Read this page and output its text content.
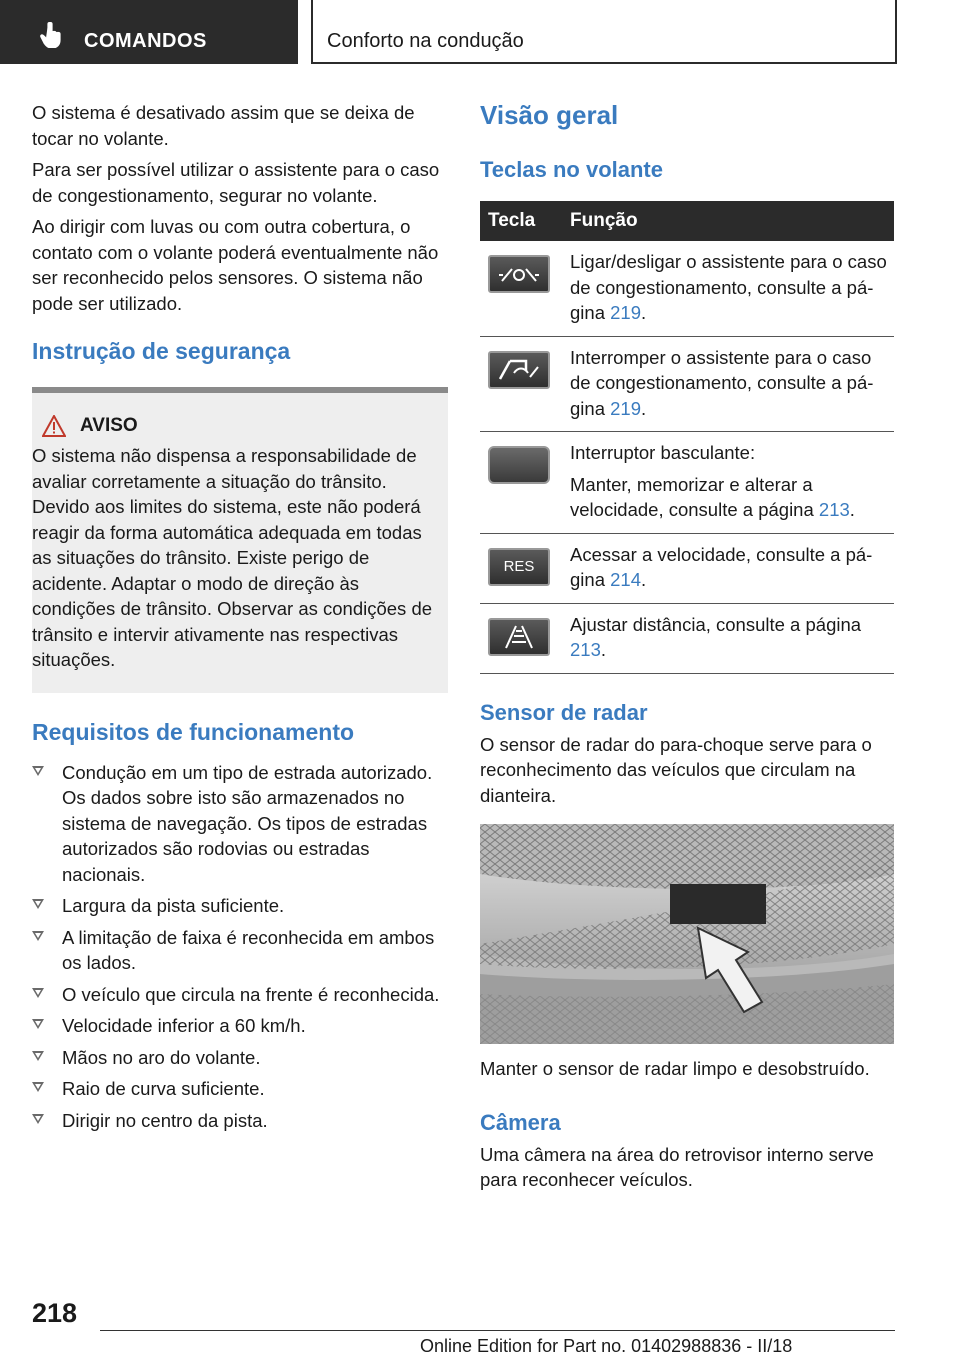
COMANDOS	Conforto na condução

O sistema é desativado assim que se deixa de tocar no volante.

Para ser possível utilizar o assistente para o caso de congestionamento, segurar no volante.

Ao dirigir com luvas ou com outra cobertura, o contato com o volante poderá eventualmente não ser reconhecido pelos sensores. O sistema não pode ser utilizado.

Instrução de segurança
AVISO

O sistema não dispensa a responsabilidade de avaliar corretamente a situação do trânsito. Devido aos limites do sistema, este não poderá reagir da forma automática adequada em todas as situações do trânsito. Existe perigo de acidente. Adaptar o modo de direção às condições de trânsito. Observar as condições de trânsito e intervir ativamente nas respectivas situações.

Requisitos de funcionamento
Condução em um tipo de estrada autorizado. Os dados sobre isto são armazenados no sistema de navegação. Os tipos de estradas autorizados são rodovias ou estradas nacionais.
Largura da pista suficiente.
A limitação de faixa é reconhecida em ambos os lados.
O veículo que circula na frente é reconhecida.
Velocidade inferior a 60 km/h.
Mãos no aro do volante.
Raio de curva suficiente.
Dirigir no centro da pista.
Visão geral
Teclas no volante
Tecla	Função

	Ligar/desligar o assistente para o caso de congestionamento, consulte a pá- gina 219.

	Interromper o assistente para o caso de congestionamento, consulte a pá- gina 219.

	Interruptor basculante:
Manter, memorizar e alterar a velocidade, consulte a página 213.

RES	Acessar a velocidade, consulte a pá- gina 214.

	Ajustar distância, consulte a página 213.
Sensor de radar

O sensor de radar do para-choque serve para o reconhecimento das veículos que circulam na dianteira.

Manter o sensor de radar limpo e desobstruído.

Câmera

Uma câmera na área do retrovisor interno serve para reconhecer veículos.

218
Online Edition for Part no. 01402988836 - II/18
